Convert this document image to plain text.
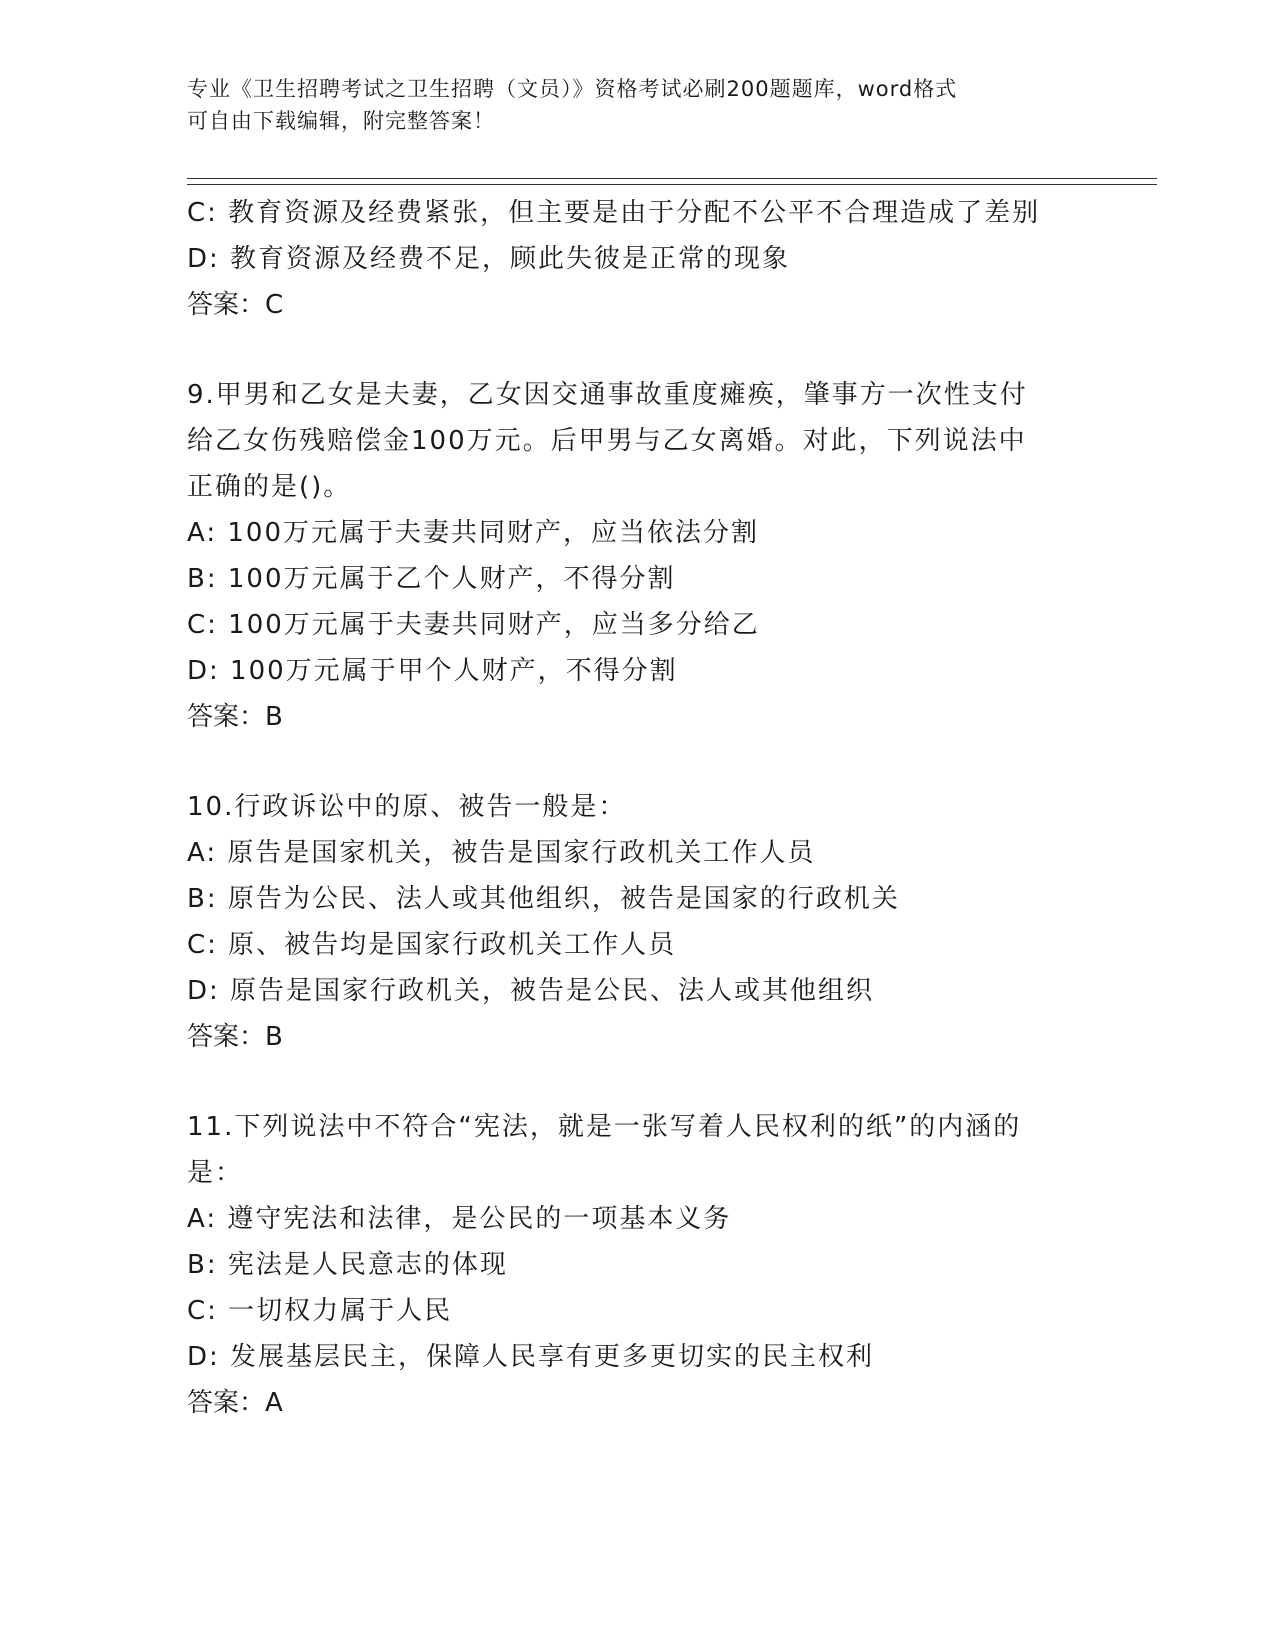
专业《卫生招聘考试之卫生招聘（文员）》资格考试必刷200题题库，word格式
可自由下载编辑，附完整答案！
C: 教育资源及经费紧张，但主要是由于分配不公平不合理造成了差别
D: 教育资源及经费不足，顾此失彼是正常的现象
答案：C
9.甲男和乙女是夫妻，乙女因交通事故重度瘫痪，肇事方一次性支付
给乙女伤残赔偿金100万元。后甲男与乙女离婚。对此，下列说法中
正确的是()。
A: 100万元属于夫妻共同财产，应当依法分割
B: 100万元属于乙个人财产，不得分割
C: 100万元属于夫妻共同财产，应当多分给乙
D: 100万元属于甲个人财产，不得分割
答案：B
10.行政诉讼中的原、被告一般是：
A: 原告是国家机关，被告是国家行政机关工作人员
B: 原告为公民、法人或其他组织，被告是国家的行政机关
C: 原、被告均是国家行政机关工作人员
D: 原告是国家行政机关，被告是公民、法人或其他组织
答案：B
11.下列说法中不符合“宪法，就是一张写着人民权利的纸”的内涵的
是：
A: 遵守宪法和法律，是公民的一项基本义务
B: 宪法是人民意志的体现
C: 一切权力属于人民
D: 发展基层民主，保障人民享有更多更切实的民主权利
答案：A
